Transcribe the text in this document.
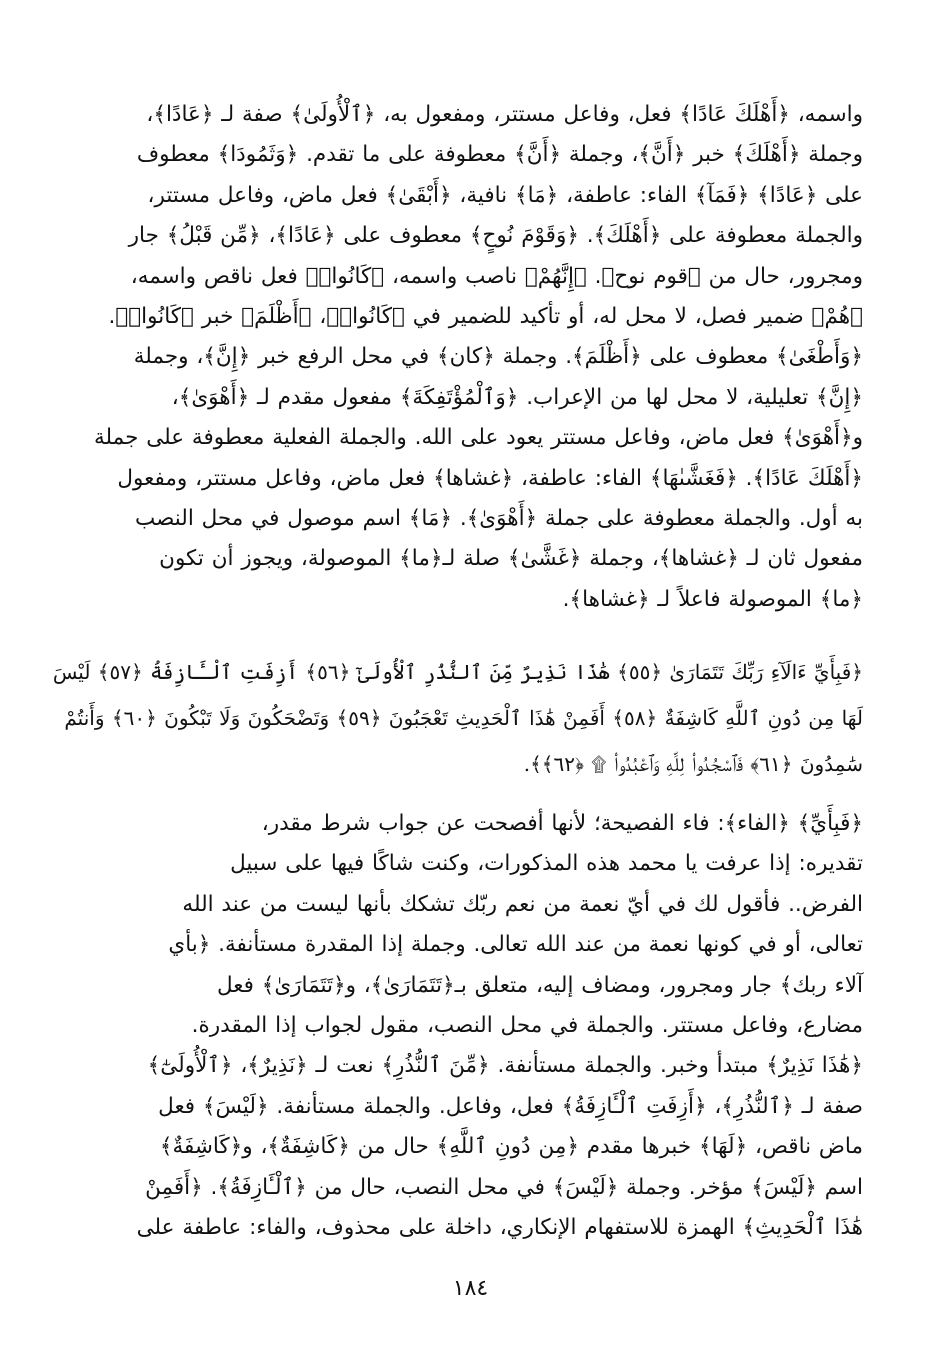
واسمه، ﴿أَهْلَكَ عَادًا﴾ فعل، وفاعل مستتر، ومفعول به، ﴿ٱلْأُولَىٰ﴾ صفة لـ ﴿عَادًا﴾،
وجملة ﴿أَهْلَكَ﴾ خبر ﴿أَنَّ﴾، وجملة ﴿أَنَّ﴾ معطوفة على ما تقدم. ﴿وَثَمُودَا﴾ معطوف
على ﴿عَادًا﴾ ﴿فَمَآ﴾ الفاء: عاطفة، ﴿مَا﴾ نافية، ﴿أَبْقَىٰ﴾ فعل ماض، وفاعل مستتر،
والجملة معطوفة على ﴿أَهْلَكَ﴾. ﴿وَقَوْمَ نُوحٍ﴾ معطوف على ﴿عَادًا﴾، ﴿مِّن قَبْلُ﴾ جار
ومجرور، حال من ﴿قوم نوح﴾. ﴿إِنَّهُمْ﴾ ناصب واسمه، ﴿كَانُوا۟﴾ فعل ناقص واسمه،
﴿هُمْ﴾ ضمير فصل، لا محل له، أو تأكيد للضمير في ﴿كَانُوا۟﴾، ﴿أَظْلَمَ﴾ خبر ﴿كَانُوا۟﴾.
﴿وَأَطْغَىٰ﴾ معطوف على ﴿أَظْلَمَ﴾. وجملة ﴿كان﴾ في محل الرفع خبر ﴿إِنَّ﴾، وجملة
﴿إِنَّ﴾ تعليلية، لا محل لها من الإعراب. ﴿وَٱلْمُؤْتَفِكَةَ﴾ مفعول مقدم لـ ﴿أَهْوَىٰ﴾،
و﴿أَهْوَىٰ﴾ فعل ماض، وفاعل مستتر يعود على الله. والجملة الفعلية معطوفة على جملة
﴿أَهْلَكَ عَادًا﴾. ﴿فَغَشَّىٰهَا﴾ الفاء: عاطفة، ﴿غشاها﴾ فعل ماض، وفاعل مستتر، ومفعول
به أول. والجملة معطوفة على جملة ﴿أَهْوَىٰ﴾. ﴿مَا﴾ اسم موصول في محل النصب
مفعول ثان لـ ﴿غشاها﴾، وجملة ﴿غَشَّىٰ﴾ صلة لـ﴿ما﴾ الموصولة، ويجوز أن تكون
﴿ما﴾ الموصولة فاعلاً لـ ﴿غشاها﴾.
﴿فَبِأَيِّ ءَالَآءِ رَبِّكَ تَتَمَارَىٰ ﴿٥٥﴾ هَٰذَا نَذِيرٌ مِّنَ ٱلنُّذُرِ ٱلْأُولَىٰٓ ﴿٥٦﴾ أَزِفَتِ ٱلْـَٔازِفَةُ ﴿٥٧﴾ لَيْسَ
لَهَا مِن دُونِ ٱللَّهِ كَاشِفَةٌ ﴿٥٨﴾ أَفَمِنْ هَٰذَا ٱلْحَدِيثِ تَعْجَبُونَ ﴿٥٩﴾ وَتَضْحَكُونَ وَلَا تَبْكُونَ ﴿٦٠﴾ وَأَنتُمْ
سَٰمِدُونَ ﴿٦١﴾ فَٱسْجُدُوا۟ لِلَّهِ وَٱعْبُدُوا۟ ۩ ﴿٦٢﴾﴾.
﴿فَبِأَيِّ﴾ ﴿الفاء﴾: فاء الفصيحة؛ لأنها أفصحت عن جواب شرط مقدر،
تقديره: إذا عرفت يا محمد هذه المذكورات، وكنت شاكًا فيها على سبيل
الفرض.. فأقول لك في أيّ نعمة من نعم ربّك تشكك بأنها ليست من عند الله
تعالى، أو في كونها نعمة من عند الله تعالى. وجملة إذا المقدرة مستأنفة. ﴿بأي
آلاء ربك﴾ جار ومجرور، ومضاف إليه، متعلق بـ﴿تَتَمَارَىٰ﴾، و﴿تَتَمَارَىٰ﴾ فعل
مضارع، وفاعل مستتر. والجملة في محل النصب، مقول لجواب إذا المقدرة.
﴿هَٰذَا نَذِيرٌ﴾ مبتدأ وخبر. والجملة مستأنفة. ﴿مِّنَ ٱلنُّذُرِ﴾ نعت لـ ﴿نَذِيرٌ﴾، ﴿ٱلْأُولَىٰٓ﴾
صفة لـ ﴿ٱلنُّذُرِ﴾، ﴿أَزِفَتِ ٱلْـَٔازِفَةُ﴾ فعل، وفاعل. والجملة مستأنفة. ﴿لَيْسَ﴾ فعل
ماض ناقص، ﴿لَهَا﴾ خبرها مقدم ﴿مِن دُونِ ٱللَّهِ﴾ حال من ﴿كَاشِفَةٌ﴾، و﴿كَاشِفَةٌ﴾
اسم ﴿لَيْسَ﴾ مؤخر. وجملة ﴿لَيْسَ﴾ في محل النصب، حال من ﴿ٱلْـَٔازِفَةُ﴾. ﴿أَفَمِنْ
هَٰذَا ٱلْحَدِيثِ﴾ الهمزة للاستفهام الإنكاري، داخلة على محذوف، والفاء: عاطفة على
١٨٤
